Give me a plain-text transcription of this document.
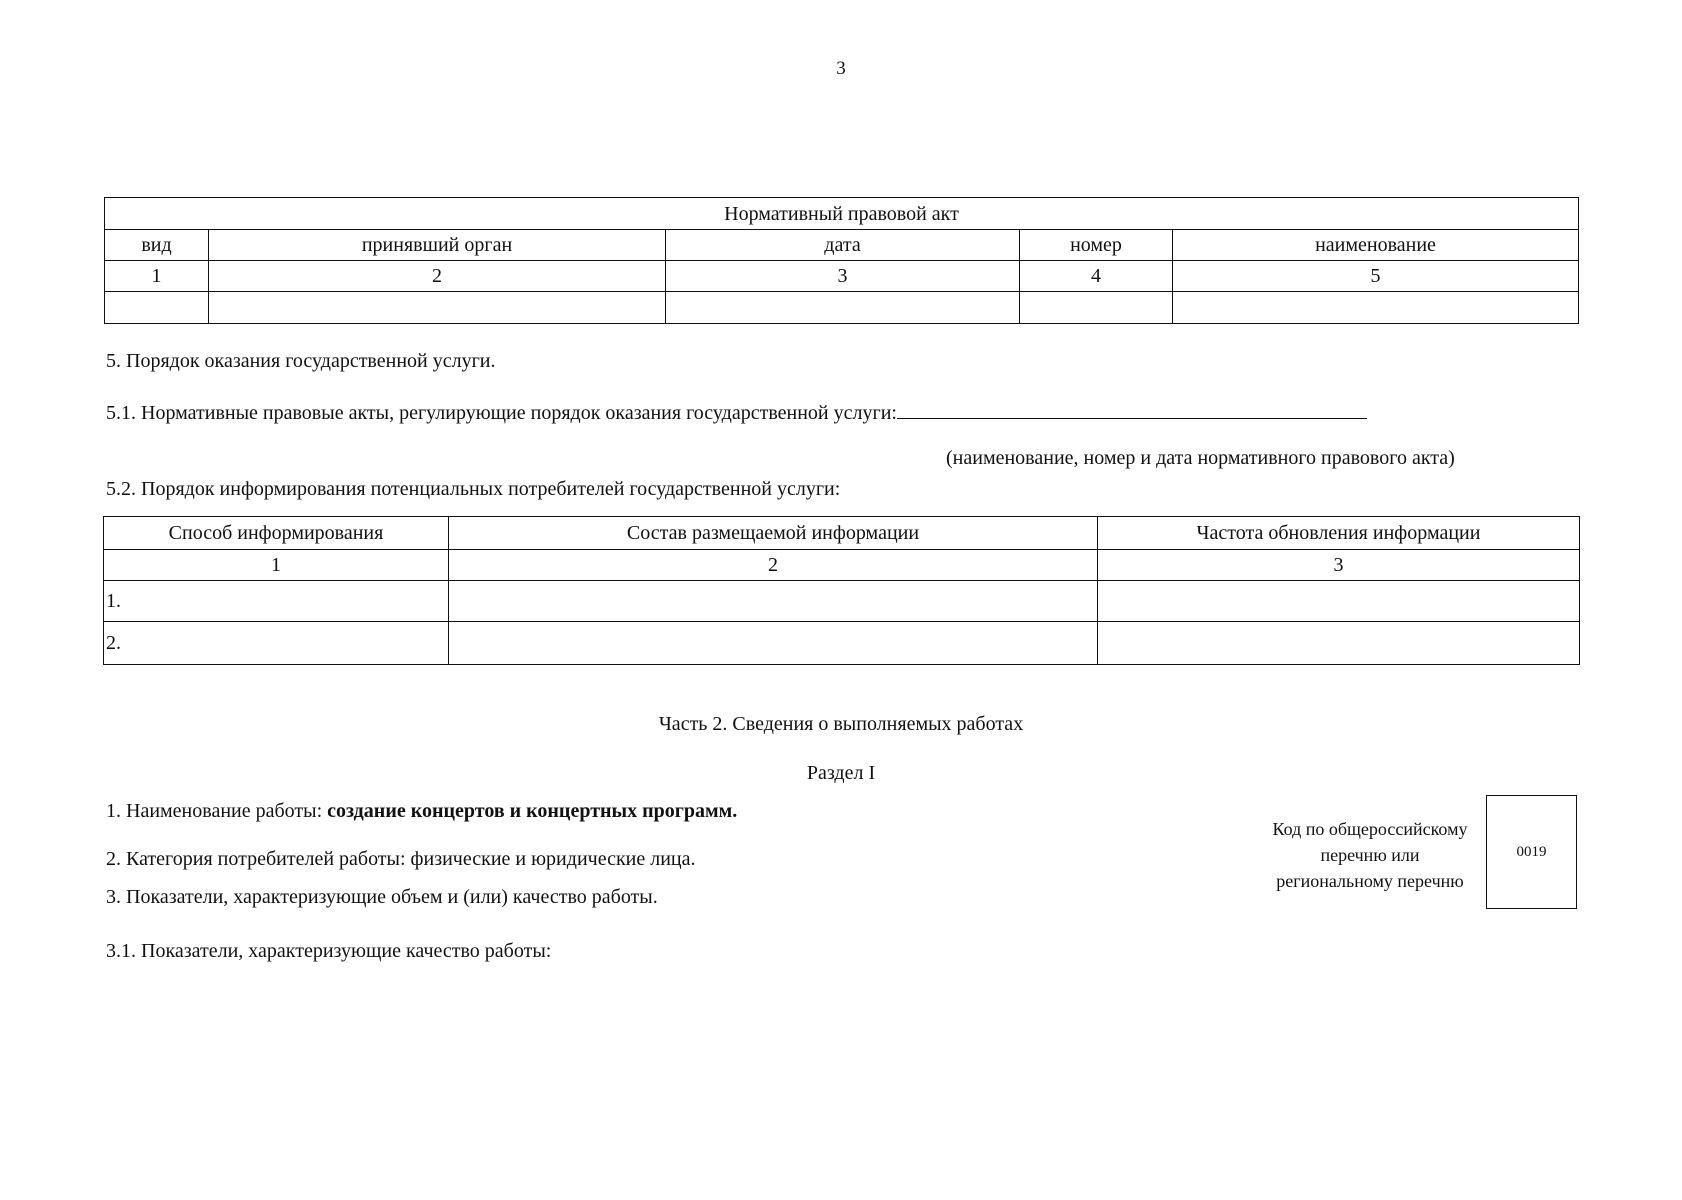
3
Нормативный правовой акт				
вид	принявший орган	дата	номер	наименование
1	2	3	4	5

5. Порядок оказания государственной услуги.
5.1. Нормативные правовые акты, регулирующие порядок оказания государственной услуги:
(наименование, номер и дата нормативного правового акта)
5.2. Порядок информирования потенциальных потребителей государственной услуги:
Способ информирования	Состав размещаемой информации	Частота обновления информации
1	2	3
1.		
2.		
Часть 2. Сведения о выполняемых работах
Раздел I
1. Наименование работы: создание концертов и концертных программ.
2. Категория потребителей работы: физические и юридические лица.
3. Показатели, характеризующие объем и (или) качество работы.
3.1. Показатели, характеризующие качество работы:
Код по общероссийскому
перечню или
региональному перечню
0019
